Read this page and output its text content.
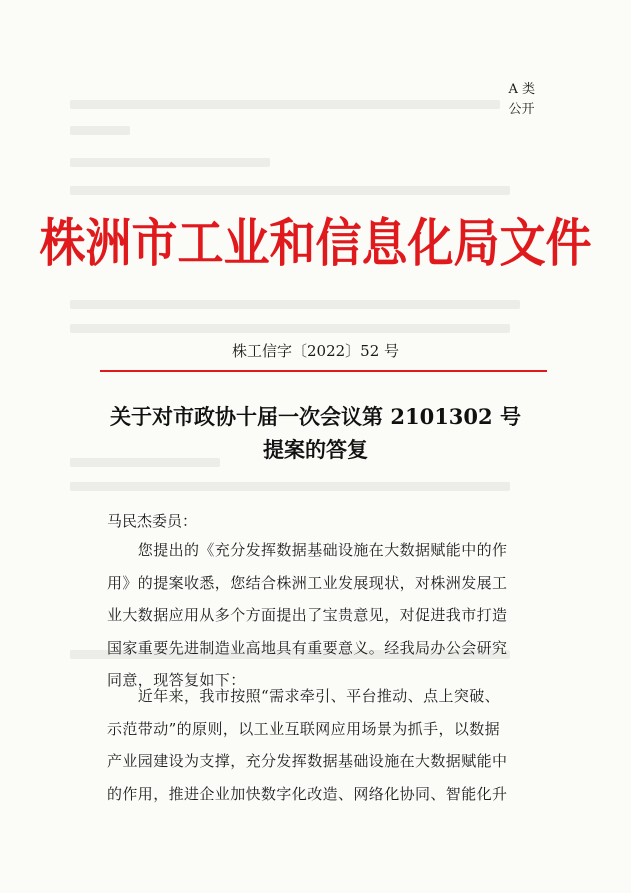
A 类
公开
株洲市工业和信息化局文件
株工信字〔2022〕52 号
关于对市政协十届一次会议第 2101302 号
提案的答复
马民杰委员：
　　您提出的《充分发挥数据基础设施在大数据赋能中的作
用》的提案收悉，您结合株洲工业发展现状，对株洲发展工
业大数据应用从多个方面提出了宝贵意见，对促进我市打造
国家重要先进制造业高地具有重要意义。经我局办公会研究
同意，现答复如下：
　　近年来，我市按照“需求牵引、平台推动、点上突破、
示范带动”的原则，以工业互联网应用场景为抓手，以数据
产业园建设为支撑，充分发挥数据基础设施在大数据赋能中
的作用，推进企业加快数字化改造、网络化协同、智能化升
